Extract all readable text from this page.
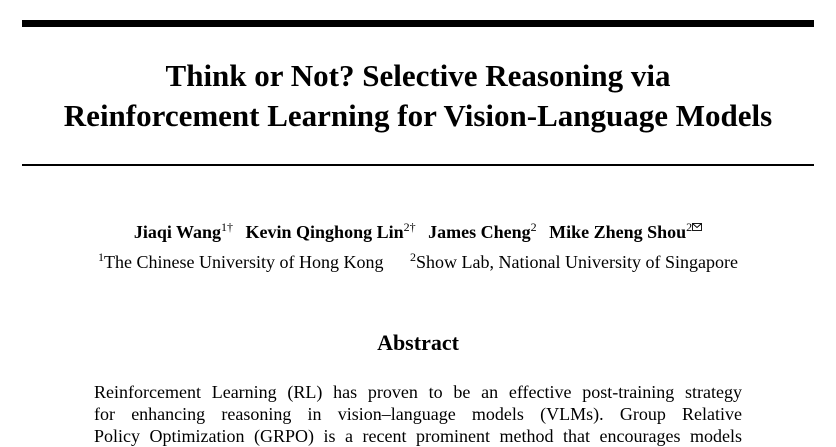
Think or Not? Selective Reasoning via
Reinforcement Learning for Vision-Language Models
Jiaqi Wang$^{1\dagger}$ Kevin Qinghong Lin$^{2\dagger}$ James Cheng$^2$ Mike Zheng Shou$^2$
$^1$The Chinese University of Hong Kong $^2$Show Lab, National University of Singapore
Abstract
Reinforcement Learning (RL) has proven to be an effective post-training strategy
for enhancing reasoning in vision–language models (VLMs). Group Relative
Policy Optimization (GRPO) is a recent prominent method that encourages models
